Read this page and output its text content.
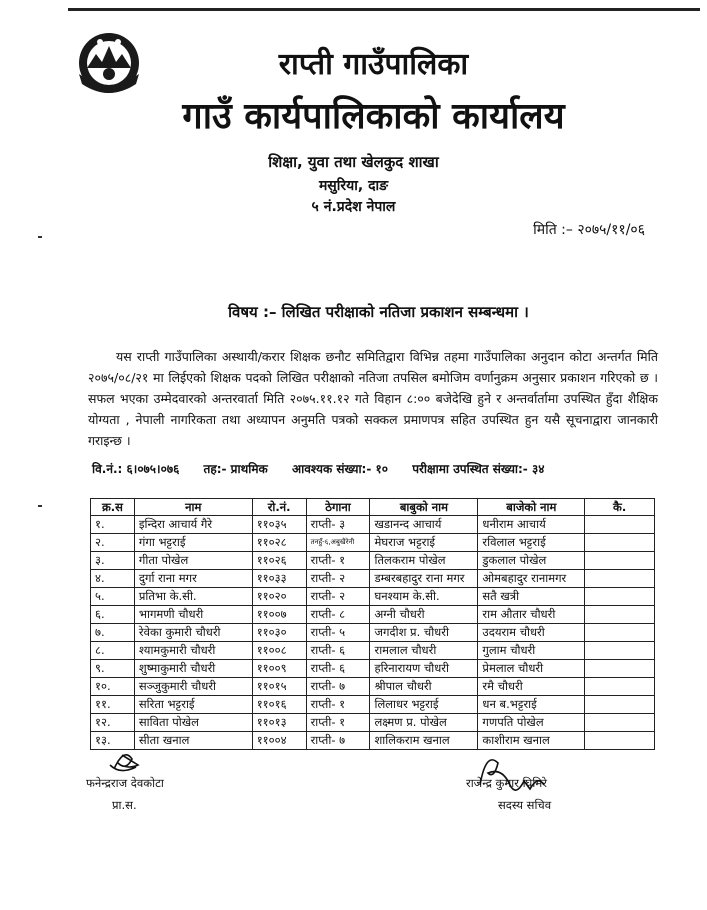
राप्ती गाउँपालिका
गाउँ कार्यपालिकाको कार्यालय
शिक्षा, युवा तथा खेलकुद शाखा
मसुरिया, दाङ
५ नं.प्रदेश नेपाल
मिति :– २०७५/११/०६
विषय :– लिखित परीक्षाको नतिजा प्रकाशन सम्बन्धमा ।
यस राप्ती गाउँपालिका अस्थायी/करार शिक्षक छनौट समितिद्वारा विभिन्न तहमा गाउँपालिका अनुदान कोटा अन्तर्गत मिति २०७५/०८/२१ मा लिईएको शिक्षक पदको लिखित परीक्षाको नतिजा तपसिल बमोजिम वर्णानुक्रम अनुसार प्रकाशन गरिएको छ । सफल भएका उम्मेदवारको अन्तरवार्ता मिति २०७५.११.१२ गते विहान ८:०० बजेदेखि हुने र अन्तर्वार्तामा उपस्थित हुँदा शैक्षिक योग्यता , नेपाली नागरिकता तथा अध्यापन अनुमति पत्रको सक्कल प्रमाणपत्र सहित उपस्थित हुन यसै सूचनाद्वारा जानकारी गराइन्छ ।
वि.नं.: ६।०७५।०७६ तह:- प्राथमिक आवश्यक संख्या:- १० परीक्षामा उपस्थित संख्या:- ३४
क्र.स	नाम	रो.नं.	ठेगाना	बाबुको नाम	बाजेको नाम	कै.
१.	इन्दिरा आचार्य गैरे	११०३५	राप्ती- ३	खडानन्द आचार्य	धनीराम आचार्य	
२.	गंगा भट्टराई	११०२८	तनहुँ-६,अबुखैरेनी	मेघराज भट्टराई	रविलाल भट्टराई	
३.	गीता पोखेल	११०२६	राप्ती- १	तिलकराम पोखेल	डुकलाल पोखेल	
४.	दुर्गा राना मगर	११०३३	राप्ती- २	डम्बरबहादुर राना मगर	ओमबहादुर रानामगर	
५.	प्रतिभा के.सी.	११०२०	राप्ती- २	घनश्याम के.सी.	सतै खत्री	
६.	भागमणी चौधरी	११००७	राप्ती- ८	अग्नी चौधरी	राम औतार चौधरी	
७.	रेवेका कुमारी चौधरी	११०३०	राप्ती- ५	जगदीश प्र. चौधरी	उदयराम चौधरी	
८.	श्यामकुमारी चौधरी	११००८	राप्ती- ६	रामलाल चौधरी	गुलाम चौधरी	
९.	शुष्माकुमारी चौधरी	११००९	राप्ती- ६	हरिनारायण चौधरी	प्रेमलाल चौधरी	
१०.	सञ्जुकुमारी चौधरी	११०१५	राप्ती- ७	श्रीपाल चौधरी	रमै चौधरी	
११.	सरिता भट्टराई	११०१६	राप्ती- १	लिलाधर भट्टराई	धन ब.भट्टराई	
१२.	साविता पोखेल	११०१३	राप्ती- १	लक्ष्मण प्र. पोखेल	गणपति पोखेल	
१३.	सीता खनाल	११००४	राप्ती- ७	शालिकराम खनाल	काशीराम खनाल	
फनेन्द्रराज देवकोटा
प्रा.स.
राजेन्द्र कुमार घिमिरे
सदस्य सचिव
